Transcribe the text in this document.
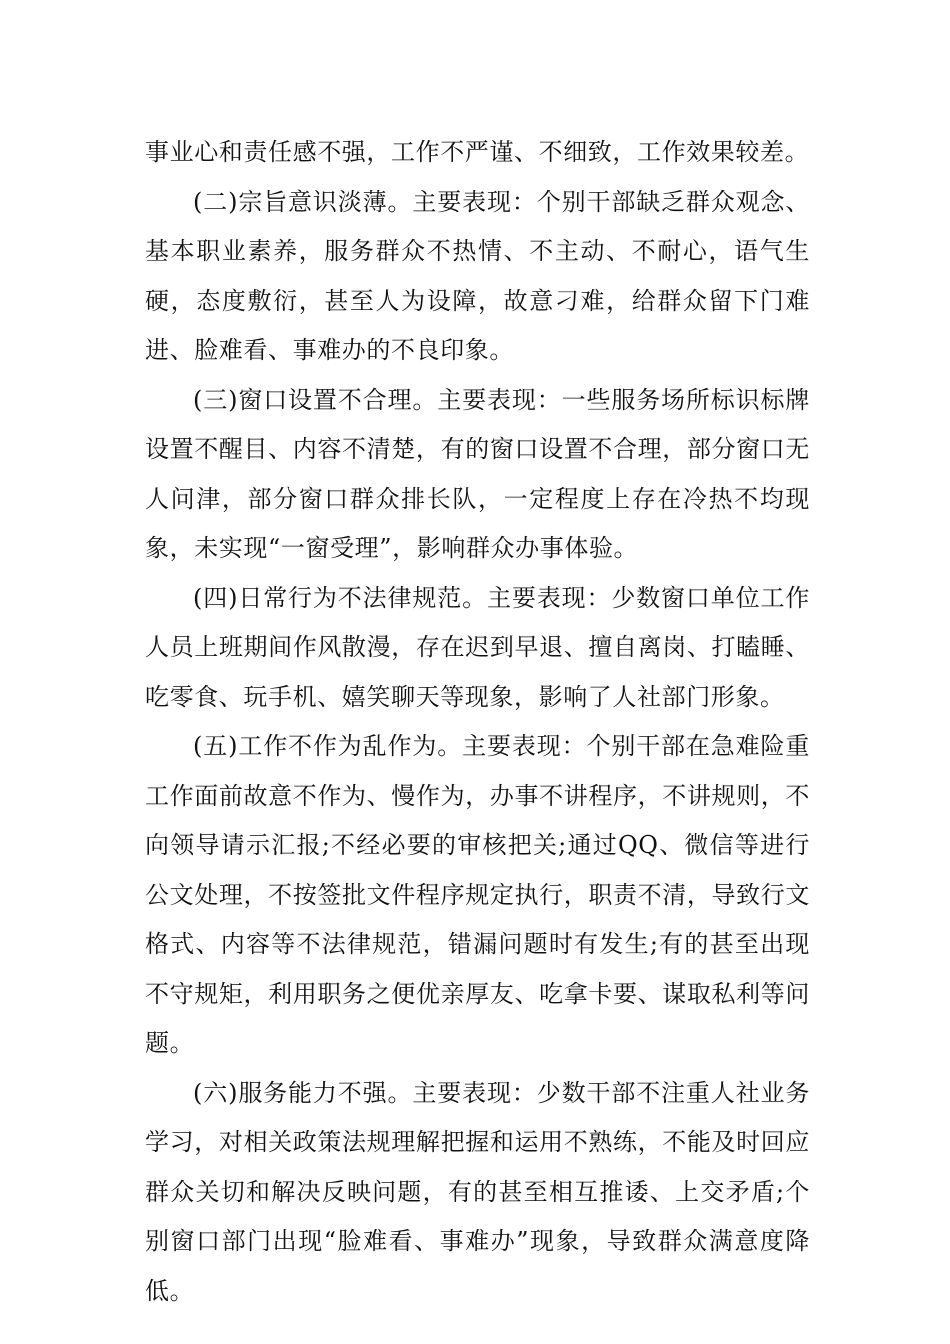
事业心和责任感不强，工作不严谨、不细致，工作效果较差。

(二)宗旨意识淡薄。主要表现：个别干部缺乏群众观念、基本职业素养，服务群众不热情、不主动、不耐心，语气生硬，态度敷衍，甚至人为设障，故意刁难，给群众留下门难进、脸难看、事难办的不良印象。

(三)窗口设置不合理。主要表现：一些服务场所标识标牌设置不醒目、内容不清楚，有的窗口设置不合理，部分窗口无人问津，部分窗口群众排长队，一定程度上存在冷热不均现象，未实现“一窗受理”，影响群众办事体验。

(四)日常行为不法律规范。主要表现：少数窗口单位工作人员上班期间作风散漫，存在迟到早退、擅自离岗、打瞌睡、吃零食、玩手机、嬉笑聊天等现象，影响了人社部门形象。

(五)工作不作为乱作为。主要表现：个别干部在急难险重工作面前故意不作为、慢作为，办事不讲程序，不讲规则，不向领导请示汇报;不经必要的审核把关;通过QQ、微信等进行公文处理，不按签批文件程序规定执行，职责不清，导致行文格式、内容等不法律规范，错漏问题时有发生;有的甚至出现不守规矩，利用职务之便优亲厚友、吃拿卡要、谋取私利等问题。

(六)服务能力不强。主要表现：少数干部不注重人社业务学习，对相关政策法规理解把握和运用不熟练，不能及时回应群众关切和解决反映问题，有的甚至相互推诿、上交矛盾;个别窗口部门出现“脸难看、事难办”现象，导致群众满意度降低。
